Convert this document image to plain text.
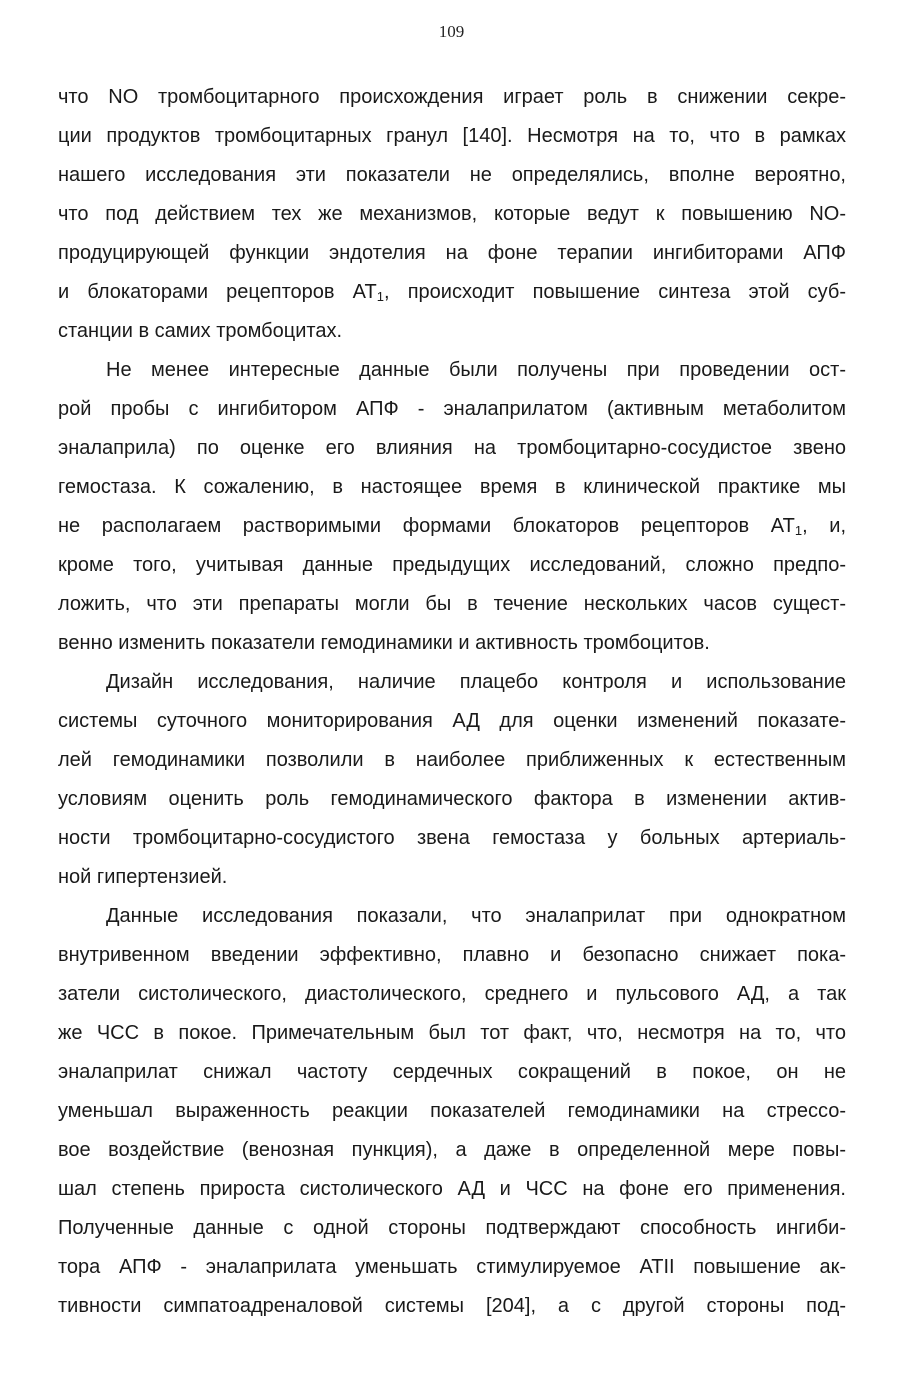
109
что NO тромбоцитарного происхождения играет роль в снижении секре-
ции продуктов тромбоцитарных гранул [140]. Несмотря на то, что в рамках
нашего исследования эти показатели не определялись, вполне вероятно,
что под действием тех же механизмов, которые ведут к повышению NO-
продуцирующей функции эндотелия на фоне терапии ингибиторами АПФ
и блокаторами рецепторов $AT_1$, происходит повышение синтеза этой суб-
станции в самих тромбоцитах.
Не менее интересные данные были получены при проведении ост-
рой пробы с ингибитором АПФ - эналаприлатом (активным метаболитом
эналаприла) по оценке его влияния на тромбоцитарно-сосудистое звено
гемостаза. К сожалению, в настоящее время в клинической практике мы
не располагаем растворимыми формами блокаторов рецепторов $AT_1$, и,
кроме того, учитывая данные предыдущих исследований, сложно предпо-
ложить, что эти препараты могли бы в течение нескольких часов сущест-
венно изменить показатели гемодинамики и активность тромбоцитов.
Дизайн исследования, наличие плацебо контроля и использование
системы суточного мониторирования АД для оценки изменений показате-
лей гемодинамики позволили в наиболее приближенных к естественным
условиям оценить роль гемодинамического фактора в изменении актив-
ности тромбоцитарно-сосудистого звена гемостаза у больных артериаль-
ной гипертензией.
Данные исследования показали, что эналаприлат при однократном
внутривенном введении эффективно, плавно и безопасно снижает пока-
затели систолического, диастолического, среднего и пульсового АД, а так
же ЧСС в покое. Примечательным был тот факт, что, несмотря на то, что
эналаприлат снижал частоту сердечных сокращений в покое, он не
уменьшал выраженность реакции показателей гемодинамики на стрессо-
вое воздействие (венозная пункция), а даже в определенной мере повы-
шал степень прироста систолического АД и ЧСС на фоне его применения.
Полученные данные с одной стороны подтверждают способность ингиби-
тора АПФ - эналаприлата уменьшать стимулируемое АТII повышение ак-
тивности симпатоадреналовой системы [204], а с другой стороны под-
